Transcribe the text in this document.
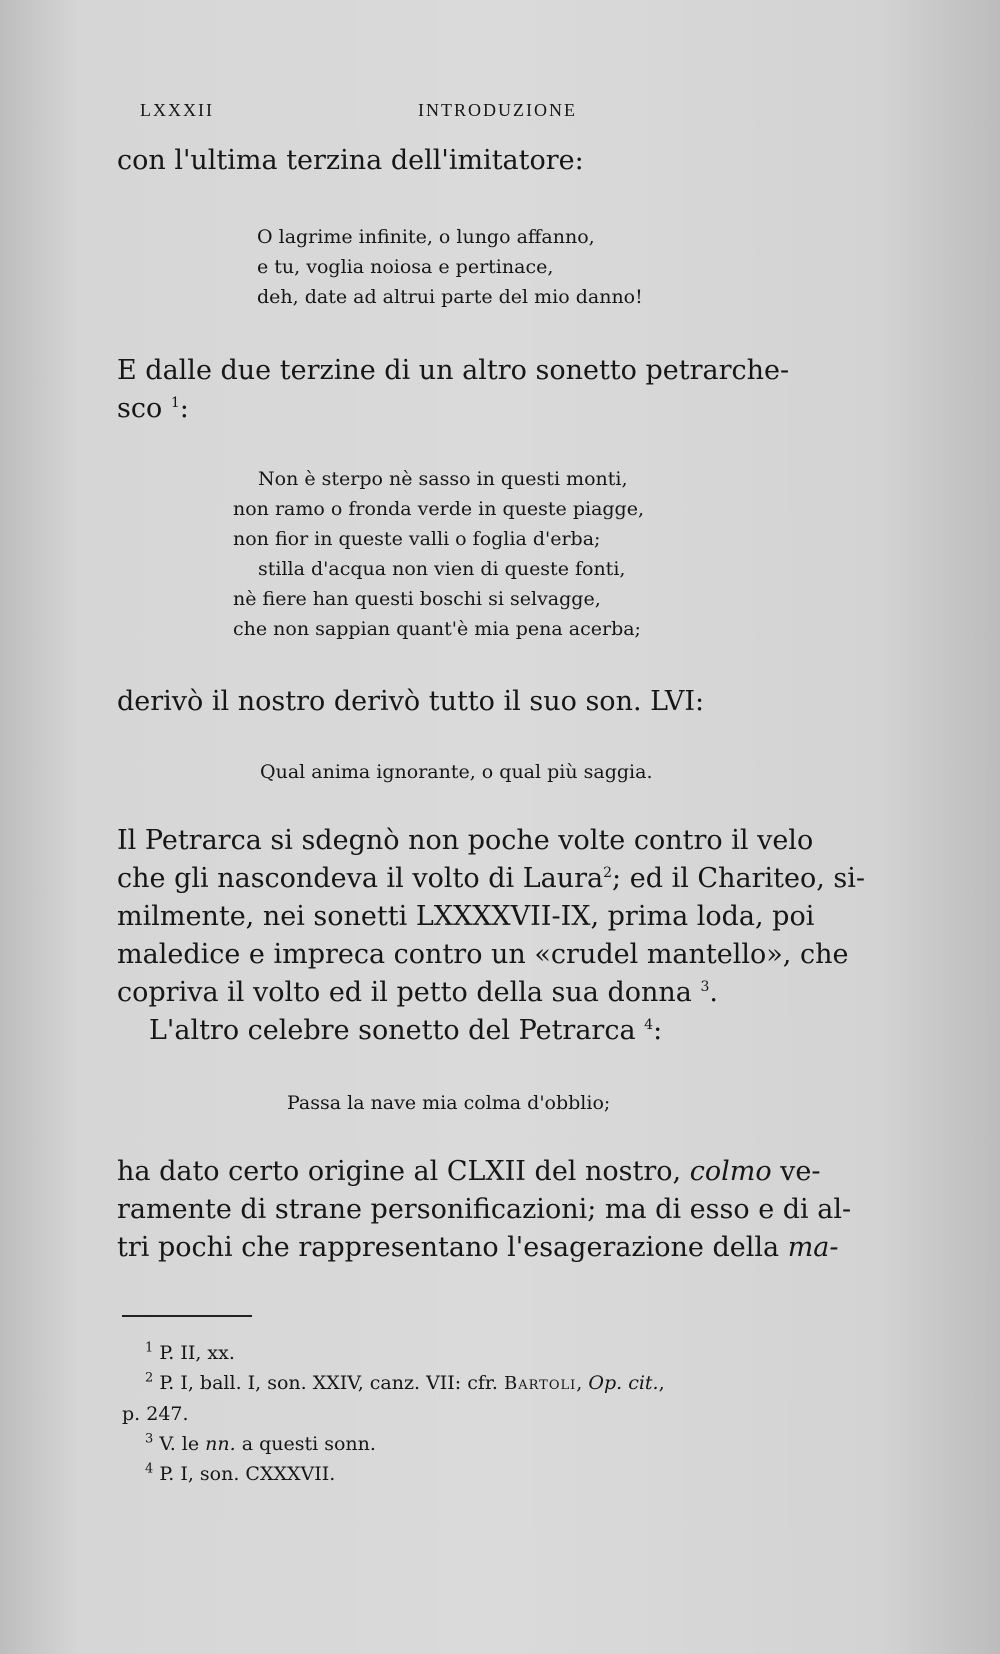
LXXXII	INTRODUZIONE
con l'ultima terzina dell'imitatore:
O lagrime infinite, o lungo affanno,
e tu, voglia noiosa e pertinace,
deh, date ad altrui parte del mio danno!
E dalle due terzine di un altro sonetto petrarche-
sco $^1$:
Non è sterpo nè sasso in questi monti,
non ramo o fronda verde in queste piagge,
non fior in queste valli o foglia d'erba;
stilla d'acqua non vien di queste fonti,
nè fiere han questi boschi si selvagge,
che non sappian quant'è mia pena acerba;
derivò il nostro derivò tutto il suo son. LVI:
Qual anima ignorante, o qual più saggia.
Il Petrarca si sdegnò non poche volte contro il velo
che gli nascondeva il volto di Laura$^2$; ed il Chariteo, si-
milmente, nei sonetti LXXXXVII-IX, prima loda, poi
maledice e impreca contro un «crudel mantello», che
copriva il volto ed il petto della sua donna $^3$.
L'altro celebre sonetto del Petrarca $^4$:
Passa la nave mia colma d'obblio;
ha dato certo origine al CLXII del nostro, colmo ve-
ramente di strane personificazioni; ma di esso e di al-
tri pochi che rappresentano l'esagerazione della ma-
$^1$ P. II, xx.
$^2$ P. I, ball. I, son. XXIV, canz. VII: cfr. Bartoli, Op. cit.,
p. 247.
$^3$ V. le nn. a questi sonn.
$^4$ P. I, son. CXXXVII.
